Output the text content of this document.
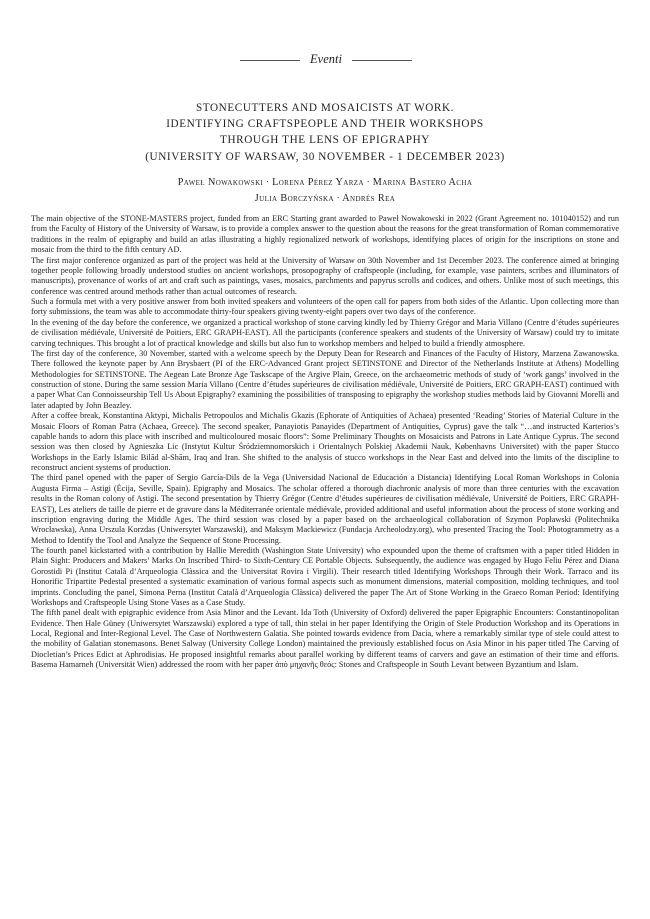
Eventi
STONECUTTERS AND MOSAICISTS AT WORK.
IDENTIFYING CRAFTSPEOPLE AND THEIR WORKSHOPS
THROUGH THE LENS OF EPIGRAPHY
(UNIVERSITY OF WARSAW, 30 NOVEMBER - 1 DECEMBER 2023)
Paweł Nowakowski ∙ Lorena Pérez Yarza ∙ Marina Bastero Acha
Julia Borczyńska ∙ Andrés Rea

The main objective of the STONE-MASTERS project, funded from an ERC Starting grant awarded to Paweł Nowakowski in 2022 (Grant Agreement no. 101040152) and run from the Faculty of History of the University of Warsaw, is to provide a complex answer to the question about the reasons for the great transformation of Roman commemorative traditions in the realm of epigraphy and build an atlas illustrating a highly regionalized network of workshops, identifying places of origin for the inscriptions on stone and mosaic from the third to the fifth century AD.

The first major conference organized as part of the project was held at the University of Warsaw on 30th November and 1st December 2023. The conference aimed at bringing together people following broadly understood studies on ancient workshops, prosopography of craftspeople (including, for example, vase painters, scribes and illuminators of manuscripts), provenance of works of art and craft such as paintings, vases, mosaics, parchments and papyrus scrolls and codices, and others. Unlike most of such meetings, this conference was centred around methods rather than actual outcomes of research.

Such a formula met with a very positive answer from both invited speakers and volunteers of the open call for papers from both sides of the Atlantic. Upon collecting more than forty submissions, the team was able to accommodate thirty-four speakers giving twenty-eight papers over two days of the conference.

In the evening of the day before the conference, we organized a practical workshop of stone carving kindly led by Thierry Grégor and Maria Villano (Centre d’études supérieures de civilisation médiévale, Université de Poitiers, ERC GRAPH-EAST). All the participants (conference speakers and students of the University of Warsaw) could try to imitate carving techniques. This brought a lot of practical knowledge and skills but also fun to workshop members and helped to build a friendly atmosphere.

The first day of the conference, 30 November, started with a welcome speech by the Deputy Dean for Research and Finances of the Faculty of History, Marzena Zawanowska. There followed the keynote paper by Ann Brysbaert (PI of the ERC-Advanced Grant project SETINSTONE and Director of the Netherlands Institute at Athens) Modelling Methodologies for SETINSTONE. The Aegean Late Bronze Age Taskscape of the Argive Plain, Greece, on the archaeometric methods of study of ‘work gangs’ involved in the construction of stone. During the same session Maria Villano (Centre d’études supérieures de civilisation médiévale, Université de Poitiers, ERC GRAPH-EAST) continued with a paper What Can Connoisseurship Tell Us About Epigraphy? examining the possibilities of transposing to epigraphy the workshop studies methods laid by Giovanni Morelli and later adapted by John Beazley.

After a coffee break, Konstantina Aktypi, Michalis Petropoulos and Michalis Gkazis (Ephorate of Antiquities of Achaea) presented ‘Reading’ Stories of Material Culture in the Mosaic Floors of Roman Patra (Achaea, Greece). The second speaker, Panayiotis Panayides (Department of Antiquities, Cyprus) gave the talk “…and instructed Karterios’s capable hands to adorn this place with inscribed and multicoloured mosaic floors”: Some Preliminary Thoughts on Mosaicists and Patrons in Late Antique Cyprus. The second session was then closed by Agnieszka Lic (Instytut Kultur Śródziemnomorskich i Orientalnych Polskiej Akademii Nauk, Københavns Universitet) with the paper Stucco Workshops in the Early Islamic Bilād al-Shām, Iraq and Iran. She shifted to the analysis of stucco workshops in the Near East and delved into the limits of the discipline to reconstruct ancient systems of production.

The third panel opened with the paper of Sergio García-Dils de la Vega (Universidad Nacional de Educación a Distancia) Identifying Local Roman Workshops in Colonia Augusta Firma – Astigi (Écija, Seville, Spain). Epigraphy and Mosaics. The scholar offered a thorough diachronic analysis of more than three centuries with the excavation results in the Roman colony of Astigi. The second presentation by Thierry Grégor (Centre d’études supérieures de civilisation médiévale, Université de Poitiers, ERC GRAPH-EAST), Les ateliers de taille de pierre et de gravure dans la Méditerranée orientale médiévale, provided additional and useful information about the process of stone working and inscription engraving during the Middle Ages. The third session was closed by a paper based on the archaeological collaboration of Szymon Popławski (Politechnika Wrocławska), Anna Urszula Korzdas (Uniwersytet Warszawski), and Maksym Mackiewicz (Fundacja Archeolodzy.org), who presented Tracing the Tool: Photogrammetry as a Method to Identify the Tool and Analyze the Sequence of Stone Processing.

The fourth panel kickstarted with a contribution by Hallie Meredith (Washington State University) who expounded upon the theme of craftsmen with a paper titled Hidden in Plain Sight: Producers and Makers’ Marks On Inscribed Third- to Sixth-Century CE Portable Objects. Subsequently, the audience was engaged by Hugo Feliu Pérez and Diana Gorostidi Pi (Institut Català d’Arqueologia Clàssica and the Universitat Rovira i Virgili). Their research titled Identifying Workshops Through their Work. Tarraco and its Honorific Tripartite Pedestal presented a systematic examination of various formal aspects such as monument dimensions, material composition, molding techniques, and tool imprints. Concluding the panel, Simona Perna (Institut Català d’Arqueologia Clàssica) delivered the paper The Art of Stone Working in the Graeco Roman Period: Identifying Workshops and Craftspeople Using Stone Vases as a Case Study.

The fifth panel dealt with epigraphic evidence from Asia Minor and the Levant. Ida Toth (University of Oxford) delivered the paper Epigraphic Encounters: Constantinopolitan Evidence. Then Hale Güney (Uniwersytet Warszawski) explored a type of tall, thin stelai in her paper Identifying the Origin of Stele Production Workshop and its Operations in Local, Regional and Inter-Regional Level. The Case of Northwestern Galatia. She pointed towards evidence from Dacia, where a remarkably similar type of stele could attest to the mobility of Galatian stonemasons. Benet Salway (University College London) maintained the previously established focus on Asia Minor in his paper titled The Carving of Diocletian’s Prices Edict at Aphrodisias. He proposed insightful remarks about parallel working by different teams of carvers and gave an estimation of their time and efforts. Basema Hamarneh (Universität Wien) addressed the room with her paper ἀπὸ μηχανῆς θεός: Stones and Craftspeople in South Levant between Byzantium and Islam.
